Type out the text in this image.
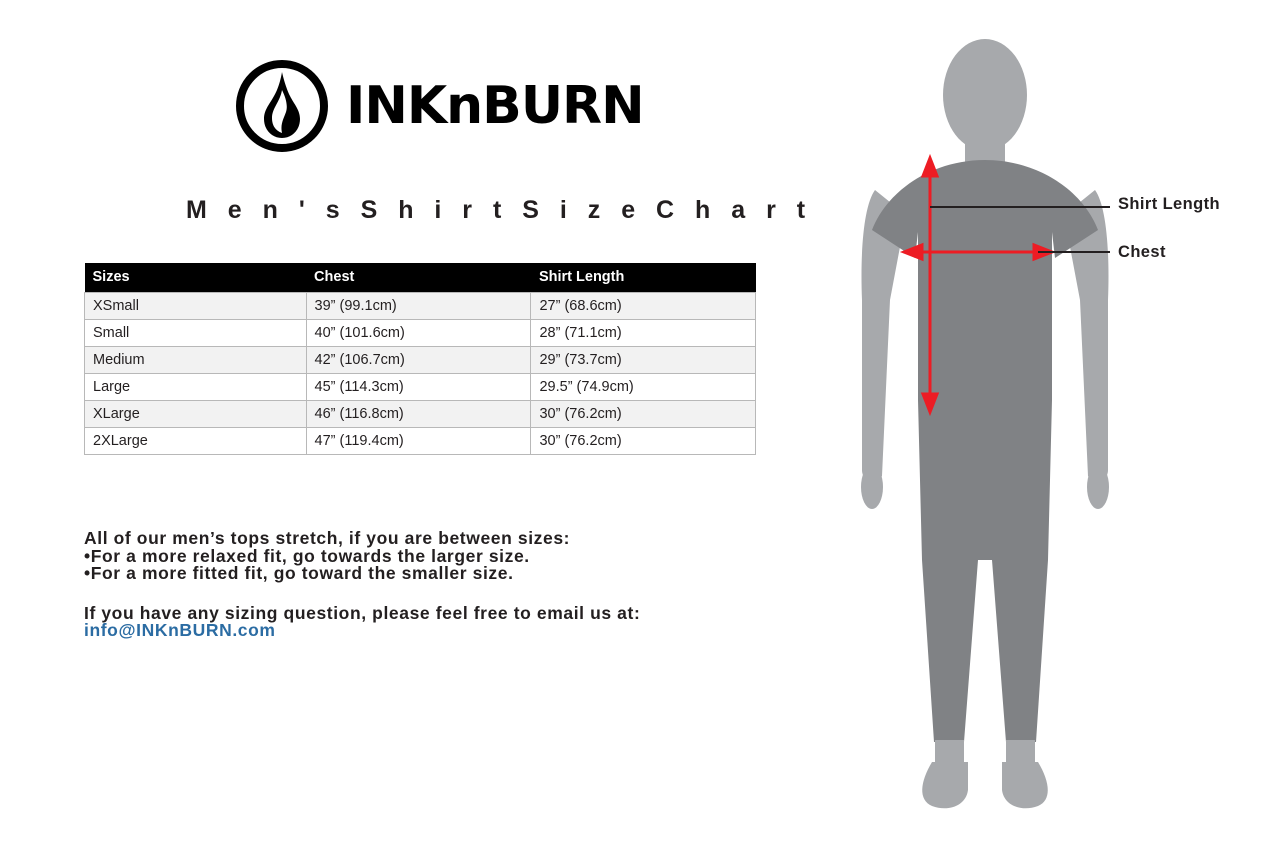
INKnBURN
M e n ' s S h i r t S i z e C h a r t
Sizes	Chest	Shirt Length
XSmall	39” (99.1cm)	27” (68.6cm)
Small	40” (101.6cm)	28” (71.1cm)
Medium	42” (106.7cm)	29” (73.7cm)
Large	45” (114.3cm)	29.5” (74.9cm)
XLarge	46” (116.8cm)	30” (76.2cm)
2XLarge	47” (119.4cm)	30” (76.2cm)
All of our men’s tops stretch, if you are between sizes:
•For a more relaxed fit, go towards the larger size.
•For a more fitted fit, go toward the smaller size.
If you have any sizing question, please feel free to email us at:
info@INKnBURN.com
Shirt Length
Chest
